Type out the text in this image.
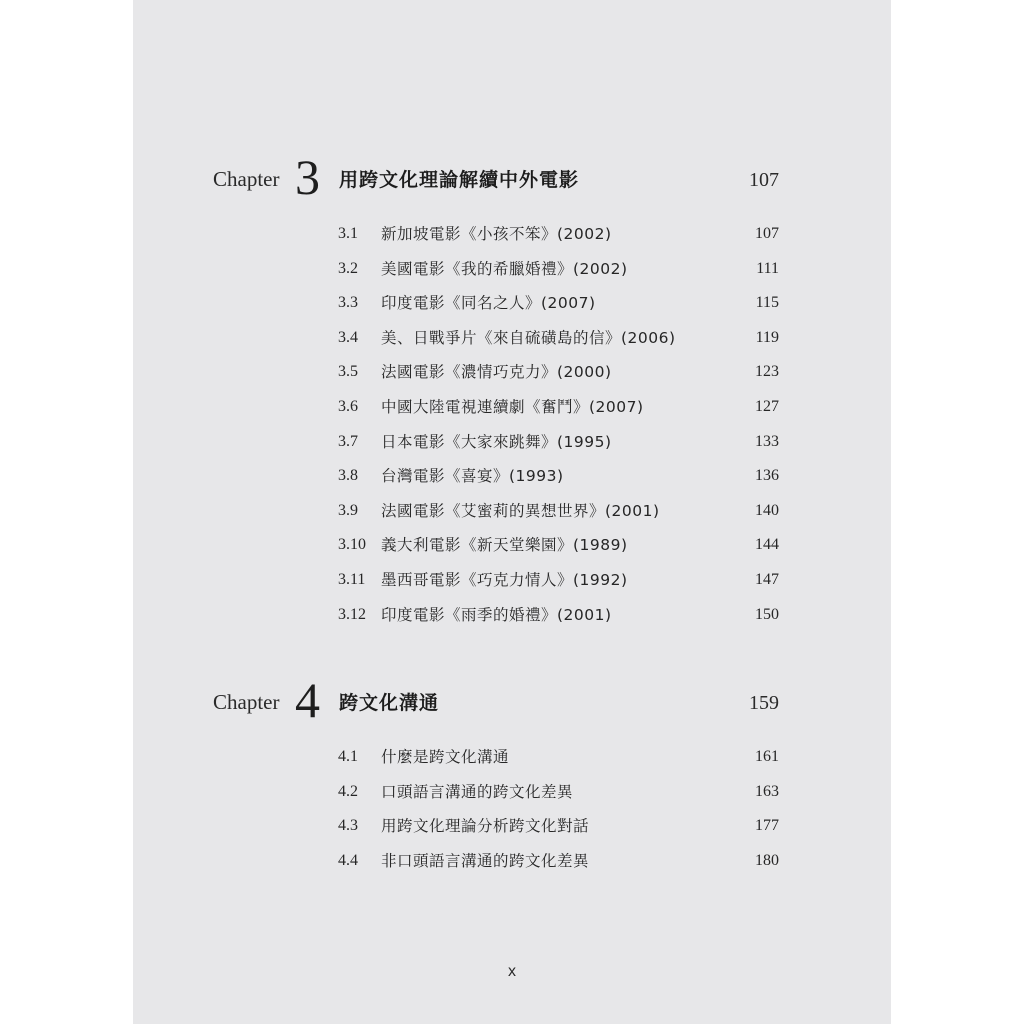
Chapter 3 用跨文化理論解續中外電影	107
3.1 新加坡電影《小孩不笨》(2002)	107
3.2 美國電影《我的希臘婚禮》(2002)	111
3.3 印度電影《同名之人》(2007)	115
3.4 美、日戰爭片《來自硫磺島的信》(2006)	119
3.5 法國電影《濃情巧克力》(2000)	123
3.6 中國大陸電視連續劇《奮鬥》(2007)	127
3.7 日本電影《大家來跳舞》(1995)	133
3.8 台灣電影《喜宴》(1993)	136
3.9 法國電影《艾蜜莉的異想世界》(2001)	140
3.10 義大利電影《新天堂樂園》(1989)	144
3.11 墨西哥電影《巧克力情人》(1992)	147
3.12 印度電影《雨季的婚禮》(2001)	150
Chapter 4 跨文化溝通	159
4.1 什麼是跨文化溝通	161
4.2 口頭語言溝通的跨文化差異	163
4.3 用跨文化理論分析跨文化對話	177
4.4 非口頭語言溝通的跨文化差異	180
x
